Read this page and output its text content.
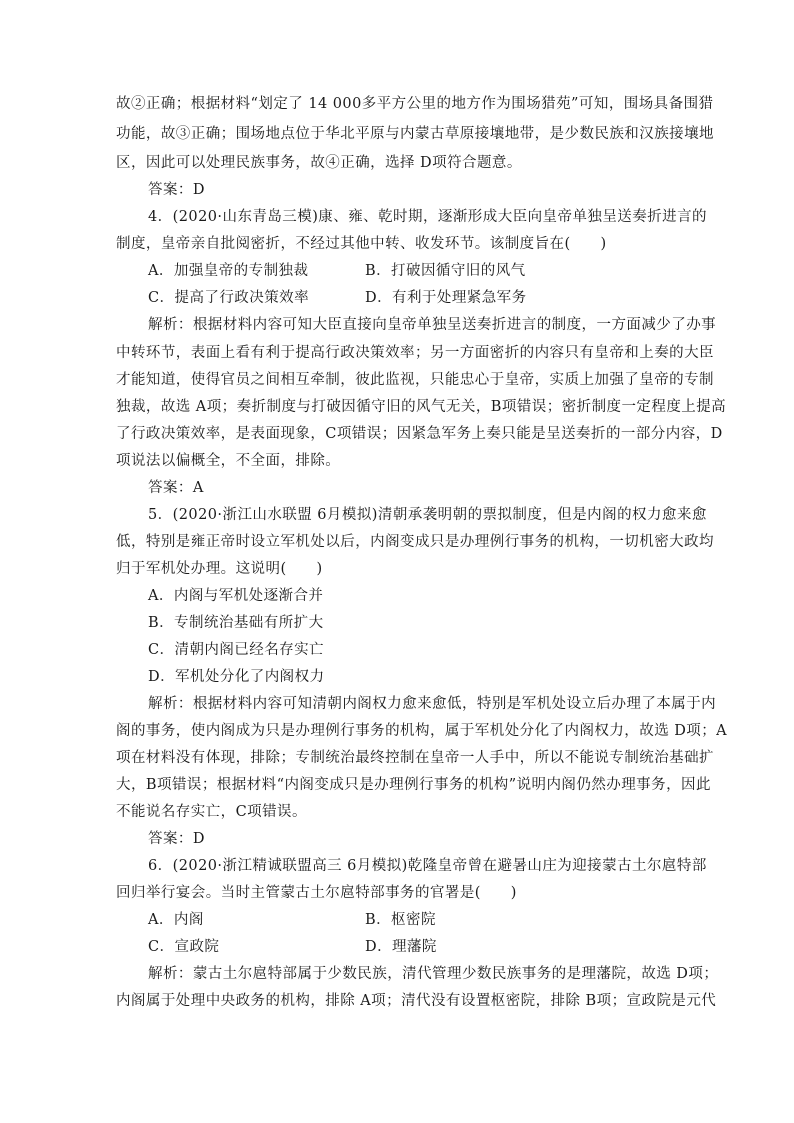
故②正确；根据材料“划定了 14 000多平方公里的地方作为围场猎苑”可知，围场具备围猎
功能，故③正确；围场地点位于华北平原与内蒙古草原接壤地带，是少数民族和汉族接壤地
区，因此可以处理民族事务，故④正确，选择 D项符合题意。
答案：D
4．(2020·山东青岛三模)康、雍、乾时期，逐渐形成大臣向皇帝单独呈送奏折进言的
制度，皇帝亲自批阅密折，不经过其他中转、收发环节。该制度旨在(　　)
A．加强皇帝的专制独裁	B．打破因循守旧的风气
C．提高了行政决策效率	D．有利于处理紧急军务
解析：根据材料内容可知大臣直接向皇帝单独呈送奏折进言的制度，一方面减少了办事
中转环节，表面上看有利于提高行政决策效率；另一方面密折的内容只有皇帝和上奏的大臣
才能知道，使得官员之间相互牵制，彼此监视，只能忠心于皇帝，实质上加强了皇帝的专制
独裁，故选 A项；奏折制度与打破因循守旧的风气无关，B项错误；密折制度一定程度上提高
了行政决策效率，是表面现象，C项错误；因紧急军务上奏只能是呈送奏折的一部分内容，D
项说法以偏概全，不全面，排除。
答案：A
5．(2020·浙江山水联盟 6月模拟)清朝承袭明朝的票拟制度，但是内阁的权力愈来愈
低，特别是雍正帝时设立军机处以后，内阁变成只是办理例行事务的机构，一切机密大政均
归于军机处办理。这说明(　　)
A．内阁与军机处逐渐合并
B．专制统治基础有所扩大
C．清朝内阁已经名存实亡
D．军机处分化了内阁权力
解析：根据材料内容可知清朝内阁权力愈来愈低，特别是军机处设立后办理了本属于内
阁的事务，使内阁成为只是办理例行事务的机构，属于军机处分化了内阁权力，故选 D项；A
项在材料没有体现，排除；专制统治最终控制在皇帝一人手中，所以不能说专制统治基础扩
大，B项错误；根据材料“内阁变成只是办理例行事务的机构”说明内阁仍然办理事务，因此
不能说名存实亡，C项错误。
答案：D
6．(2020·浙江精诚联盟高三 6月模拟)乾隆皇帝曾在避暑山庄为迎接蒙古土尔扈特部
回归举行宴会。当时主管蒙古土尔扈特部事务的官署是(　　)
A．内阁	B．枢密院
C．宣政院	D．理藩院
解析：蒙古土尔扈特部属于少数民族，清代管理少数民族事务的是理藩院，故选 D项；
内阁属于处理中央政务的机构，排除 A项；清代没有设置枢密院，排除 B项；宣政院是元代
